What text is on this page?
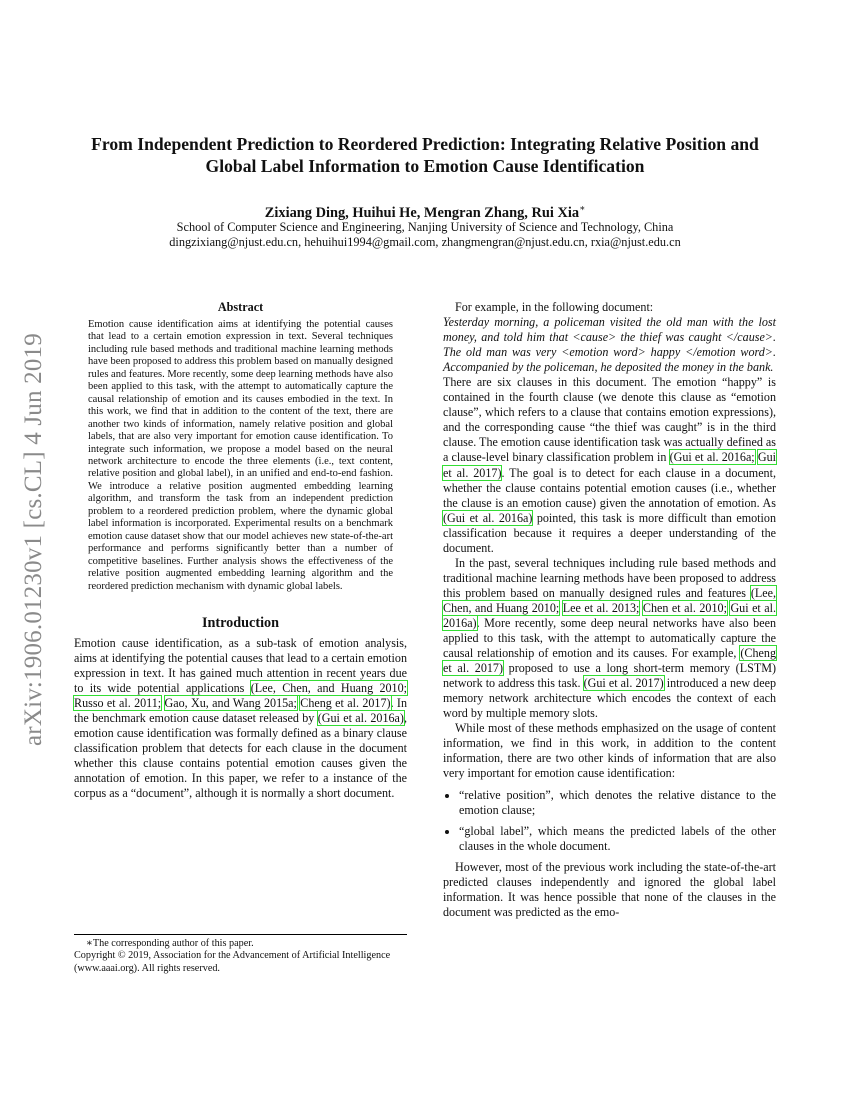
arXiv:1906.01230v1 [cs.CL] 4 Jun 2019
From Independent Prediction to Reordered Prediction: Integrating Relative Position and Global Label Information to Emotion Cause Identification
Zixiang Ding, Huihui He, Mengran Zhang, Rui Xia∗
School of Computer Science and Engineering, Nanjing University of Science and Technology, China
dingzixiang@njust.edu.cn, hehuihui1994@gmail.com, zhangmengran@njust.edu.cn, rxia@njust.edu.cn
Abstract

Emotion cause identification aims at identifying the potential causes that lead to a certain emotion expression in text. Several techniques including rule based methods and traditional machine learning methods have been proposed to address this problem based on manually designed rules and features. More recently, some deep learning methods have also been applied to this task, with the attempt to automatically capture the causal relationship of emotion and its causes embodied in the text. In this work, we find that in addition to the content of the text, there are another two kinds of information, namely relative position and global labels, that are also very important for emotion cause identification. To integrate such information, we propose a model based on the neural network architecture to encode the three elements (i.e., text content, relative position and global label), in an unified and end-to-end fashion. We introduce a relative position augmented embedding learning algorithm, and transform the task from an independent prediction problem to a reordered prediction problem, where the dynamic global label information is incorporated. Experimental results on a benchmark emotion cause dataset show that our model achieves new state-of-the-art performance and performs significantly better than a number of competitive baselines. Further analysis shows the effectiveness of the relative position augmented embedding learning algorithm and the reordered prediction mechanism with dynamic global labels.

Introduction

Emotion cause identification, as a sub-task of emotion analysis, aims at identifying the potential causes that lead to a certain emotion expression in text. It has gained much attention in recent years due to its wide potential applications (Lee, Chen, and Huang 2010; Russo et al. 2011; Gao, Xu, and Wang 2015a; Cheng et al. 2017). In the benchmark emotion cause dataset released by (Gui et al. 2016a), emotion cause identification was formally defined as a binary clause classification problem that detects for each clause in the document whether this clause contains potential emotion causes given the annotation of emotion. In this paper, we refer to a instance of the corpus as a “document”, although it is normally a short document.

∗The corresponding author of this paper.
Copyright © 2019, Association for the Advancement of Artificial Intelligence (www.aaai.org). All rights reserved.

For example, in the following document:

Yesterday morning, a policeman visited the old man with the lost money, and told him that <cause> the thief was caught </cause>. The old man was very <emotion word> happy </emotion word>. Accompanied by the policeman, he deposited the money in the bank.

There are six clauses in this document. The emotion “happy” is contained in the fourth clause (we denote this clause as “emotion clause”, which refers to a clause that contains emotion expressions), and the corresponding cause “the thief was caught” is in the third clause. The emotion cause identification task was actually defined as a clause-level binary classification problem in (Gui et al. 2016a; Gui et al. 2017). The goal is to detect for each clause in a document, whether the clause contains potential emotion causes (i.e., whether the clause is an emotion cause) given the annotation of emotion. As (Gui et al. 2016a) pointed, this task is more difficult than emotion classification because it requires a deeper understanding of the document.

In the past, several techniques including rule based methods and traditional machine learning methods have been proposed to address this problem based on manually designed rules and features (Lee, Chen, and Huang 2010; Lee et al. 2013; Chen et al. 2010; Gui et al. 2016a). More recently, some deep neural networks have also been applied to this task, with the attempt to automatically capture the causal relationship of emotion and its causes. For example, (Cheng et al. 2017) proposed to use a long short-term memory (LSTM) network to address this task. (Gui et al. 2017) introduced a new deep memory network architecture which encodes the context of each word by multiple memory slots.

While most of these methods emphasized on the usage of content information, we find in this work, in addition to the content information, there are two other kinds of information that are also very important for emotion cause identification:

• “relative position”, which denotes the relative distance to the emotion clause;
• “global label”, which means the predicted labels of the other clauses in the whole document.

However, most of the previous work including the state-of-the-art predicted clauses independently and ignored the global label information. It was hence possible that none of the clauses in the document was predicted as the emo-
